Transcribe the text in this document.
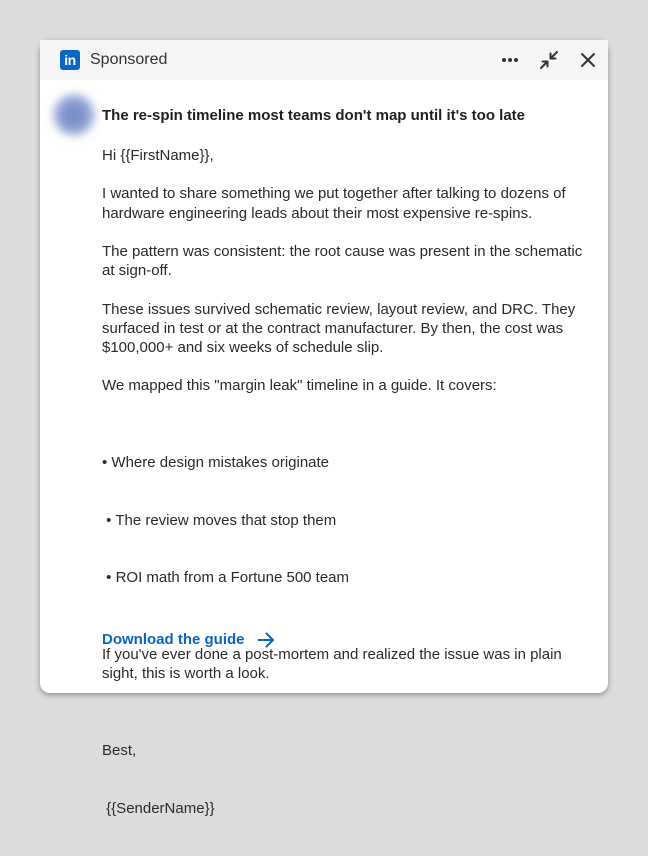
in Sponsored
The re-spin timeline most teams don't map until it's too late

Hi {{FirstName}},

I wanted to share something we put together after talking to dozens of hardware engineering leads about their most expensive re-spins.

The pattern was consistent: the root cause was present in the schematic at sign-off.

These issues survived schematic review, layout review, and DRC. They surfaced in test or at the contract manufacturer. By then, the cost was $100,000+ and six weeks of schedule slip.

We mapped this "margin leak" timeline in a guide. It covers:

• Where design mistakes originate

• The review moves that stop them

• ROI math from a Fortune 500 team

If you've ever done a post-mortem and realized the issue was in plain sight, this is worth a look.

Best,

{{SenderName}}

Download the guide
